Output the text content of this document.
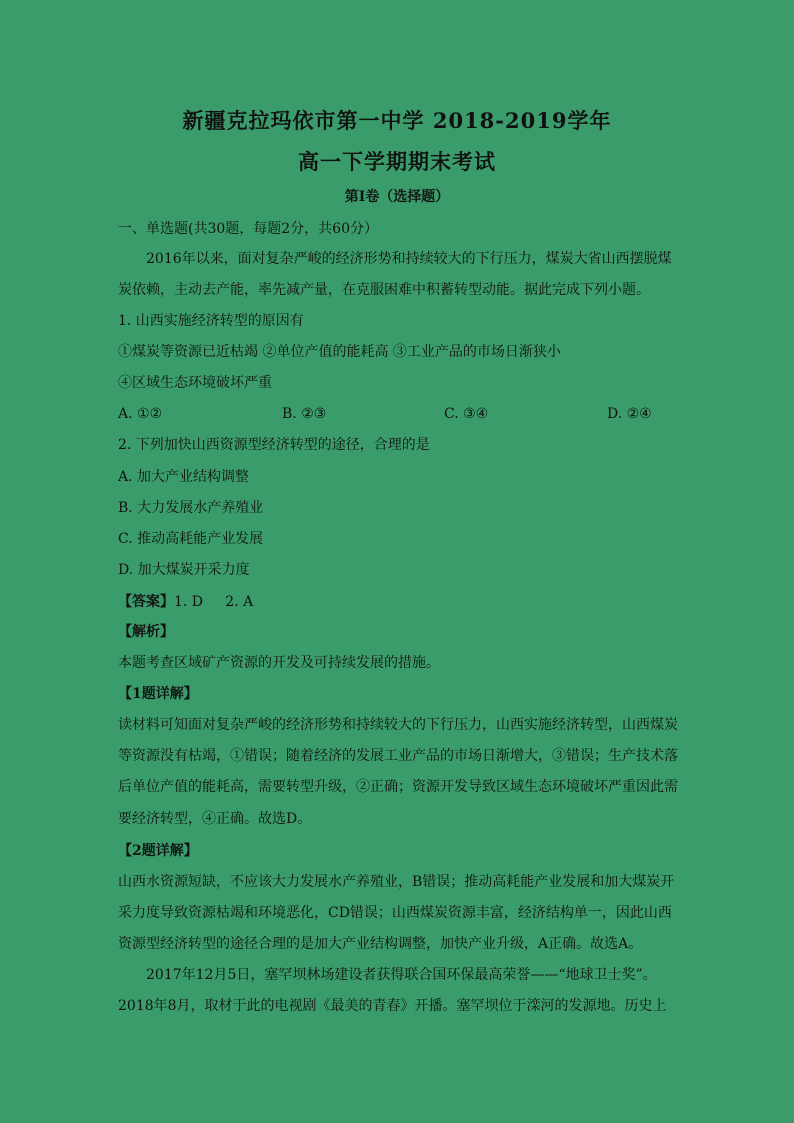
新疆克拉玛依市第一中学 2018-2019学年
高一下学期期末考试
第I卷（选择题）
一、单选题(共30题，每题2分，共60分）
2016年以来，面对复杂严峻的经济形势和持续较大的下行压力，煤炭大省山西摆脱煤
炭依赖，主动去产能，率先减产量，在克服困难中积蓄转型动能。据此完成下列小题。
1. 山西实施经济转型的原因有
①煤炭等资源已近枯竭 ②单位产值的能耗高 ③工业产品的市场日渐狭小
④区域生态环境破坏严重
A. ①②	B. ②③	C. ③④	D. ②④
2. 下列加快山西资源型经济转型的途径，合理的是
A. 加大产业结构调整
B. 大力发展水产养殖业
C. 推动高耗能产业发展
D. 加大煤炭开采力度
【答案】1. D     2. A
【解析】
本题考查区域矿产资源的开发及可持续发展的措施。
【1题详解】
读材料可知面对复杂严峻的经济形势和持续较大的下行压力，山西实施经济转型，山西煤炭
等资源没有枯竭，①错误；随着经济的发展工业产品的市场日渐增大，③错误；生产技术落
后单位产值的能耗高，需要转型升级，②正确；资源开发导致区域生态环境破坏严重因此需
要经济转型，④正确。故选D。
【2题详解】
山西水资源短缺，不应该大力发展水产养殖业，B错误；推动高耗能产业发展和加大煤炭开
采力度导致资源枯竭和环境恶化，CD错误；山西煤炭资源丰富，经济结构单一，因此山西
资源型经济转型的途径合理的是加大产业结构调整，加快产业升级，A正确。故选A。
2017年12月5日，塞罕坝林场建设者获得联合国环保最高荣誉——“地球卫士奖”。
2018年8月，取材于此的电视剧《最美的青春》开播。塞罕坝位于滦河的发源地。历史上
